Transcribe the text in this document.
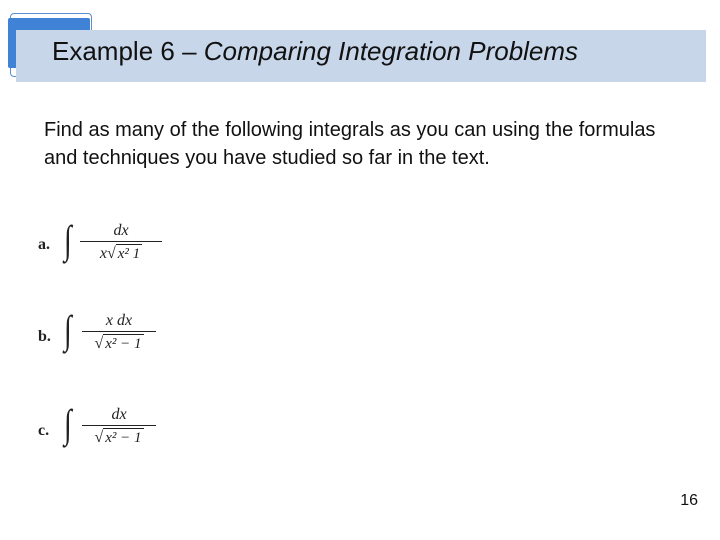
Example 6 – Comparing Integration Problems
Find as many of the following integrals as you can using the formulas and techniques you have studied so far in the text.
a. ∫	dx
x√ x² 1
b. ∫	x dx
√ x² − 1
c. ∫	dx
√ x² − 1
16
